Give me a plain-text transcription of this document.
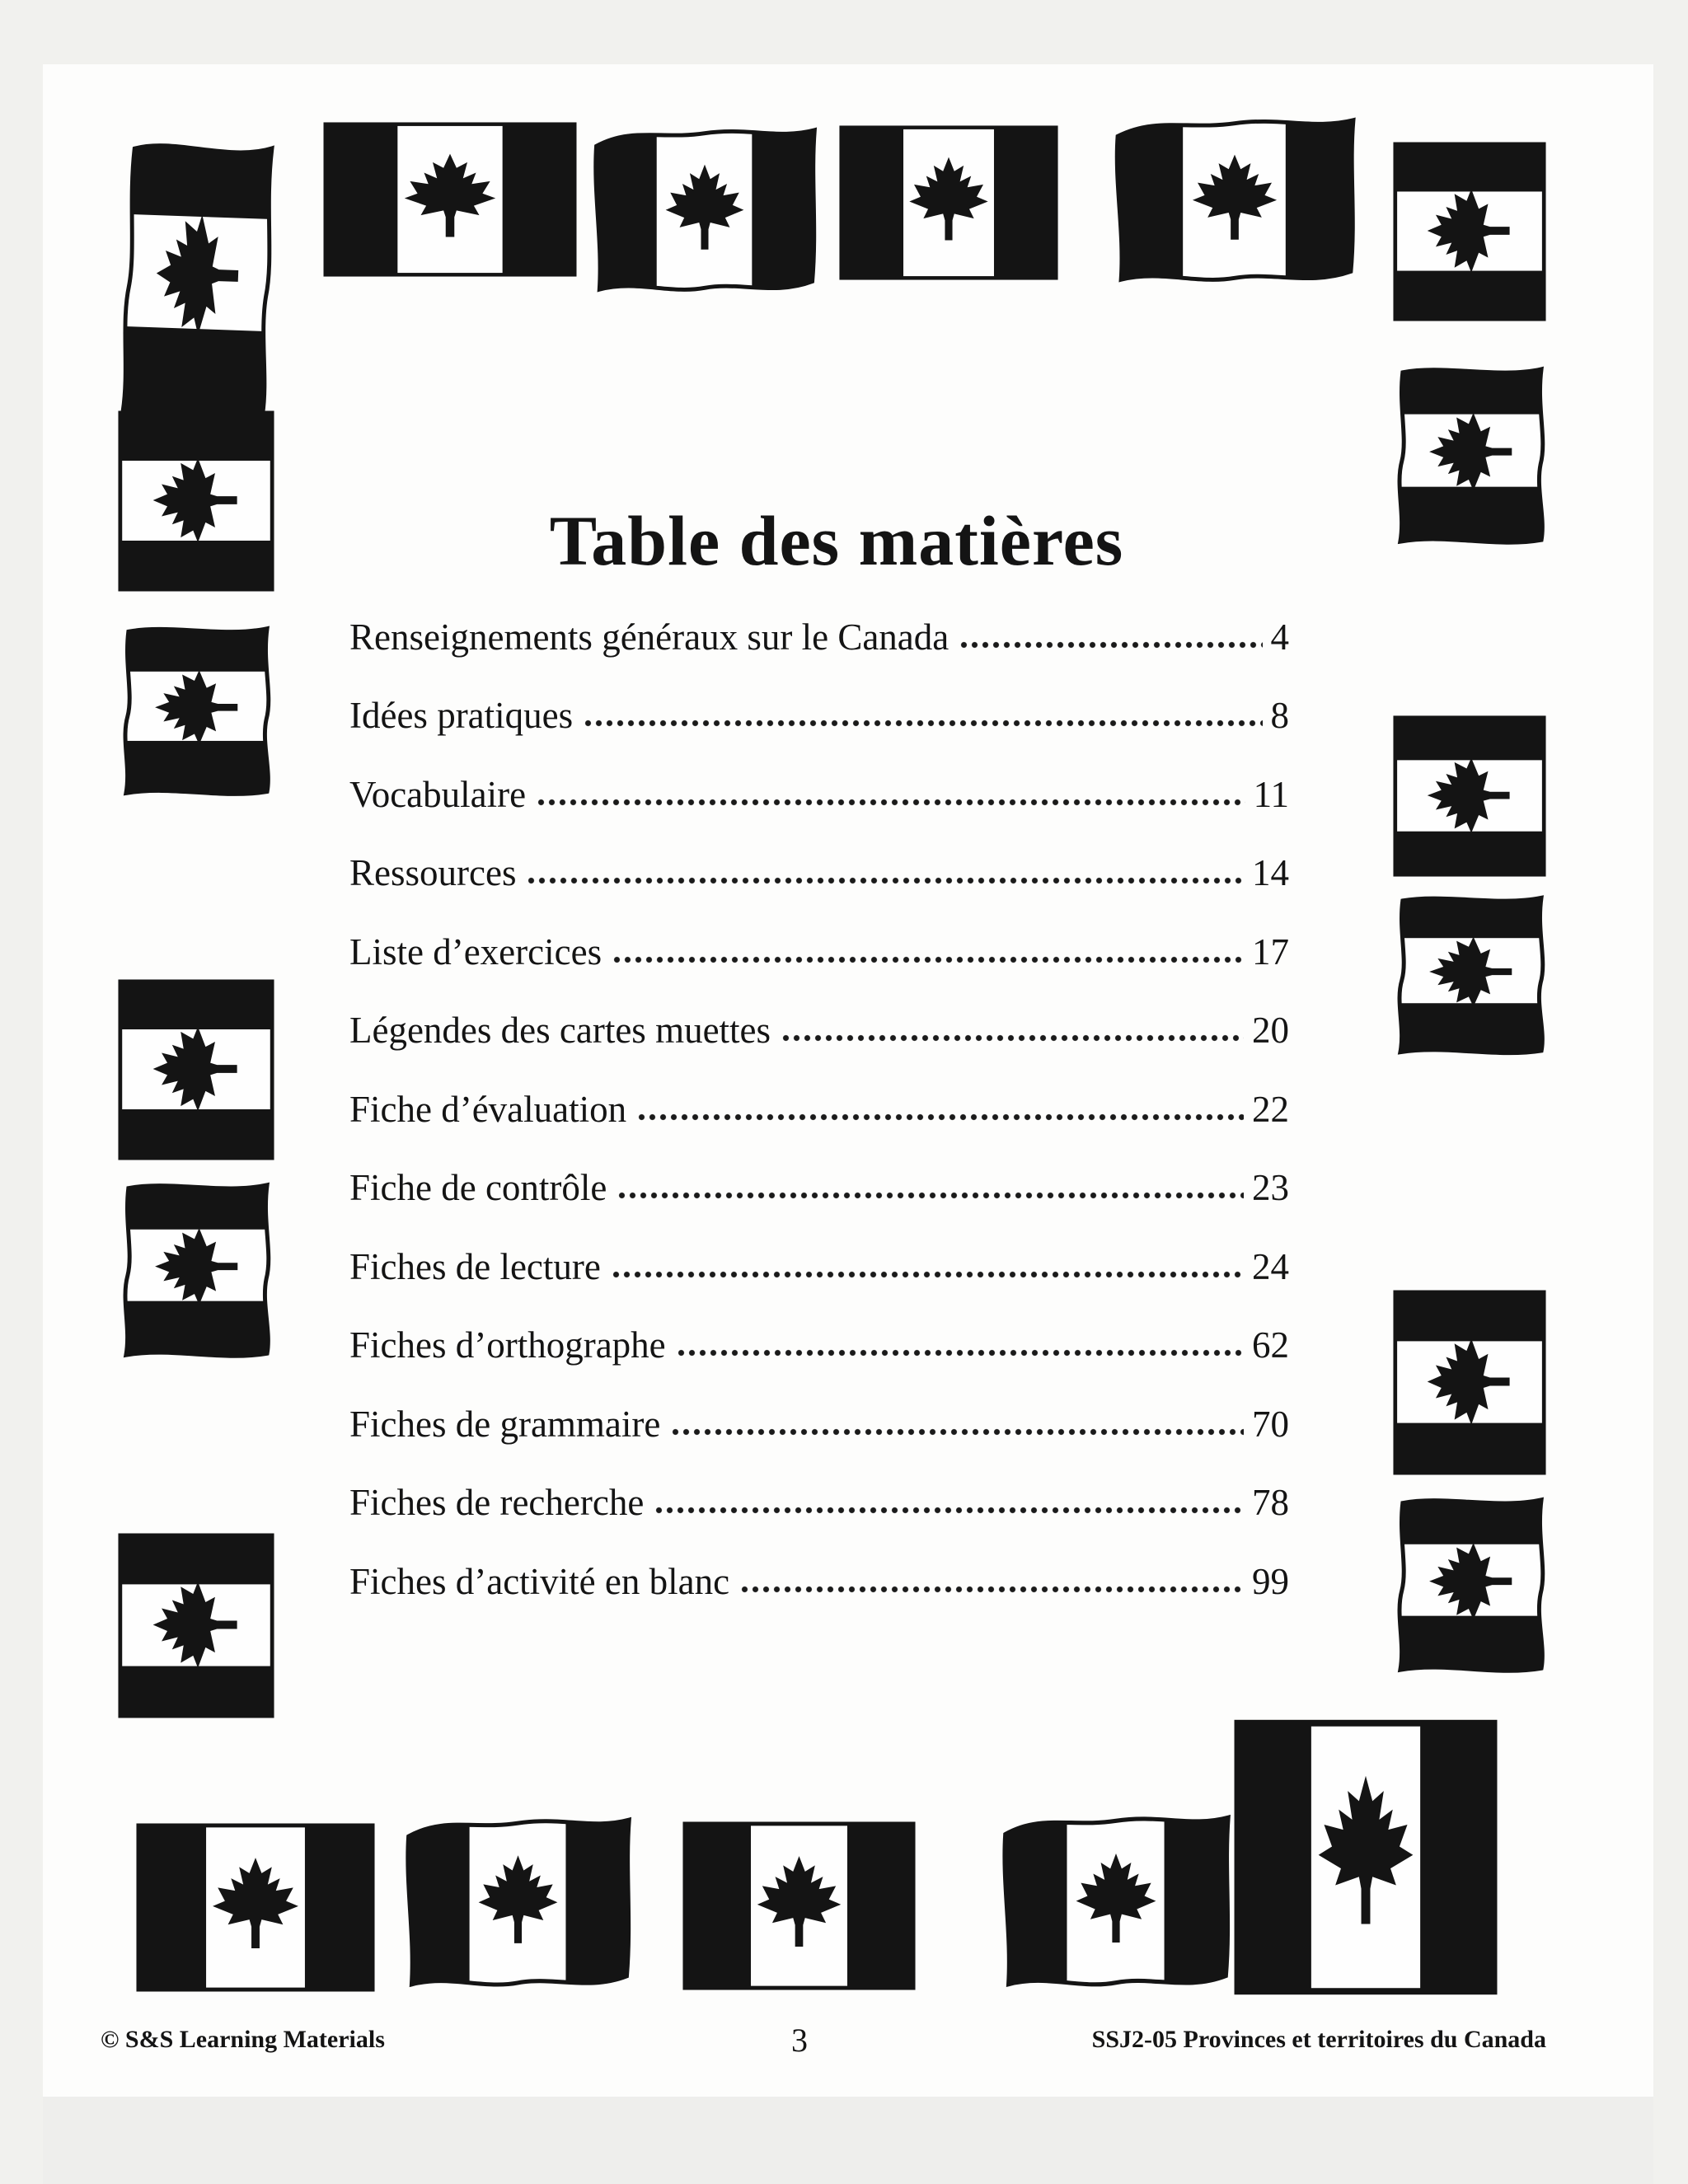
Table des matières
Renseignements généraux sur le Canada	4
Idées pratiques	8
Vocabulaire	11
Ressources	14
Liste d’exercices	17
Légendes des cartes muettes	20
Fiche d’évaluation	22
Fiche de contrôle	23
Fiches de lecture	24
Fiches d’orthographe	62
Fiches de grammaire	70
Fiches de recherche	78
Fiches d’activité en blanc	99
© S&S Learning Materials	3	SSJ2-05 Provinces et territoires du Canada
